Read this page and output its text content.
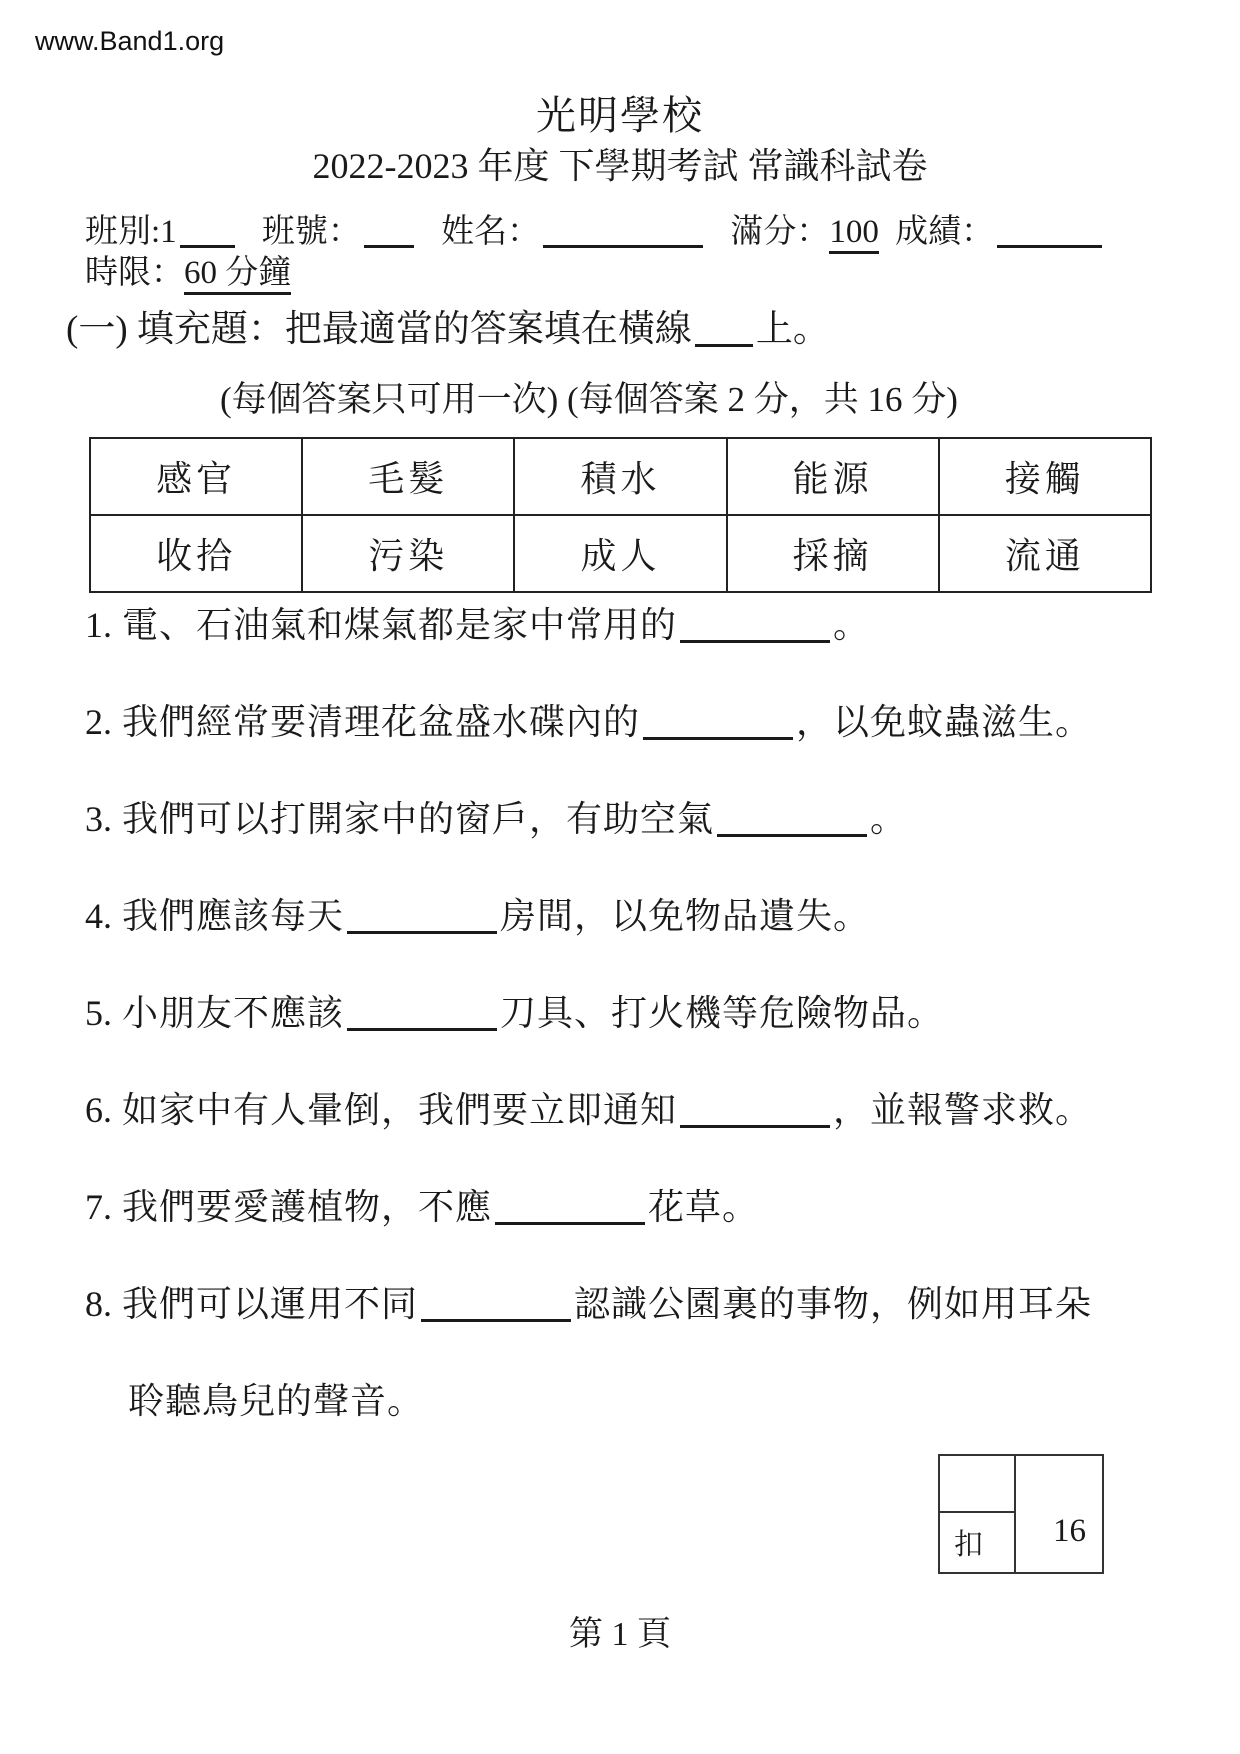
www.Band1.org
光明學校
2022-2023 年度 下學期考試 常識科試卷
班別:1	班號： 姓名：	滿分：100 成績：
時限：60 分鐘
(一) 填充題：把最適當的答案填在橫線 上。
(每個答案只可用一次) (每個答案 2 分，共 16 分)
感官	毛髮	積水	能源	接觸
收拾	污染	成人	採摘	流通
1. 電、石油氣和煤氣都是家中常用的	。
2. 我們經常要清理花盆盛水碟內的	，以免蚊蟲滋生。
3. 我們可以打開家中的窗戶，有助空氣	。
4. 我們應該每天	房間，以免物品遺失。
5. 小朋友不應該	刀具、打火機等危險物品。
6. 如家中有人暈倒，我們要立即通知	，並報警求救。
7. 我們要愛護植物，不應	花草。
8. 我們可以運用不同	認識公園裏的事物，例如用耳朵
聆聽鳥兒的聲音。
扣 16
第 1 頁
